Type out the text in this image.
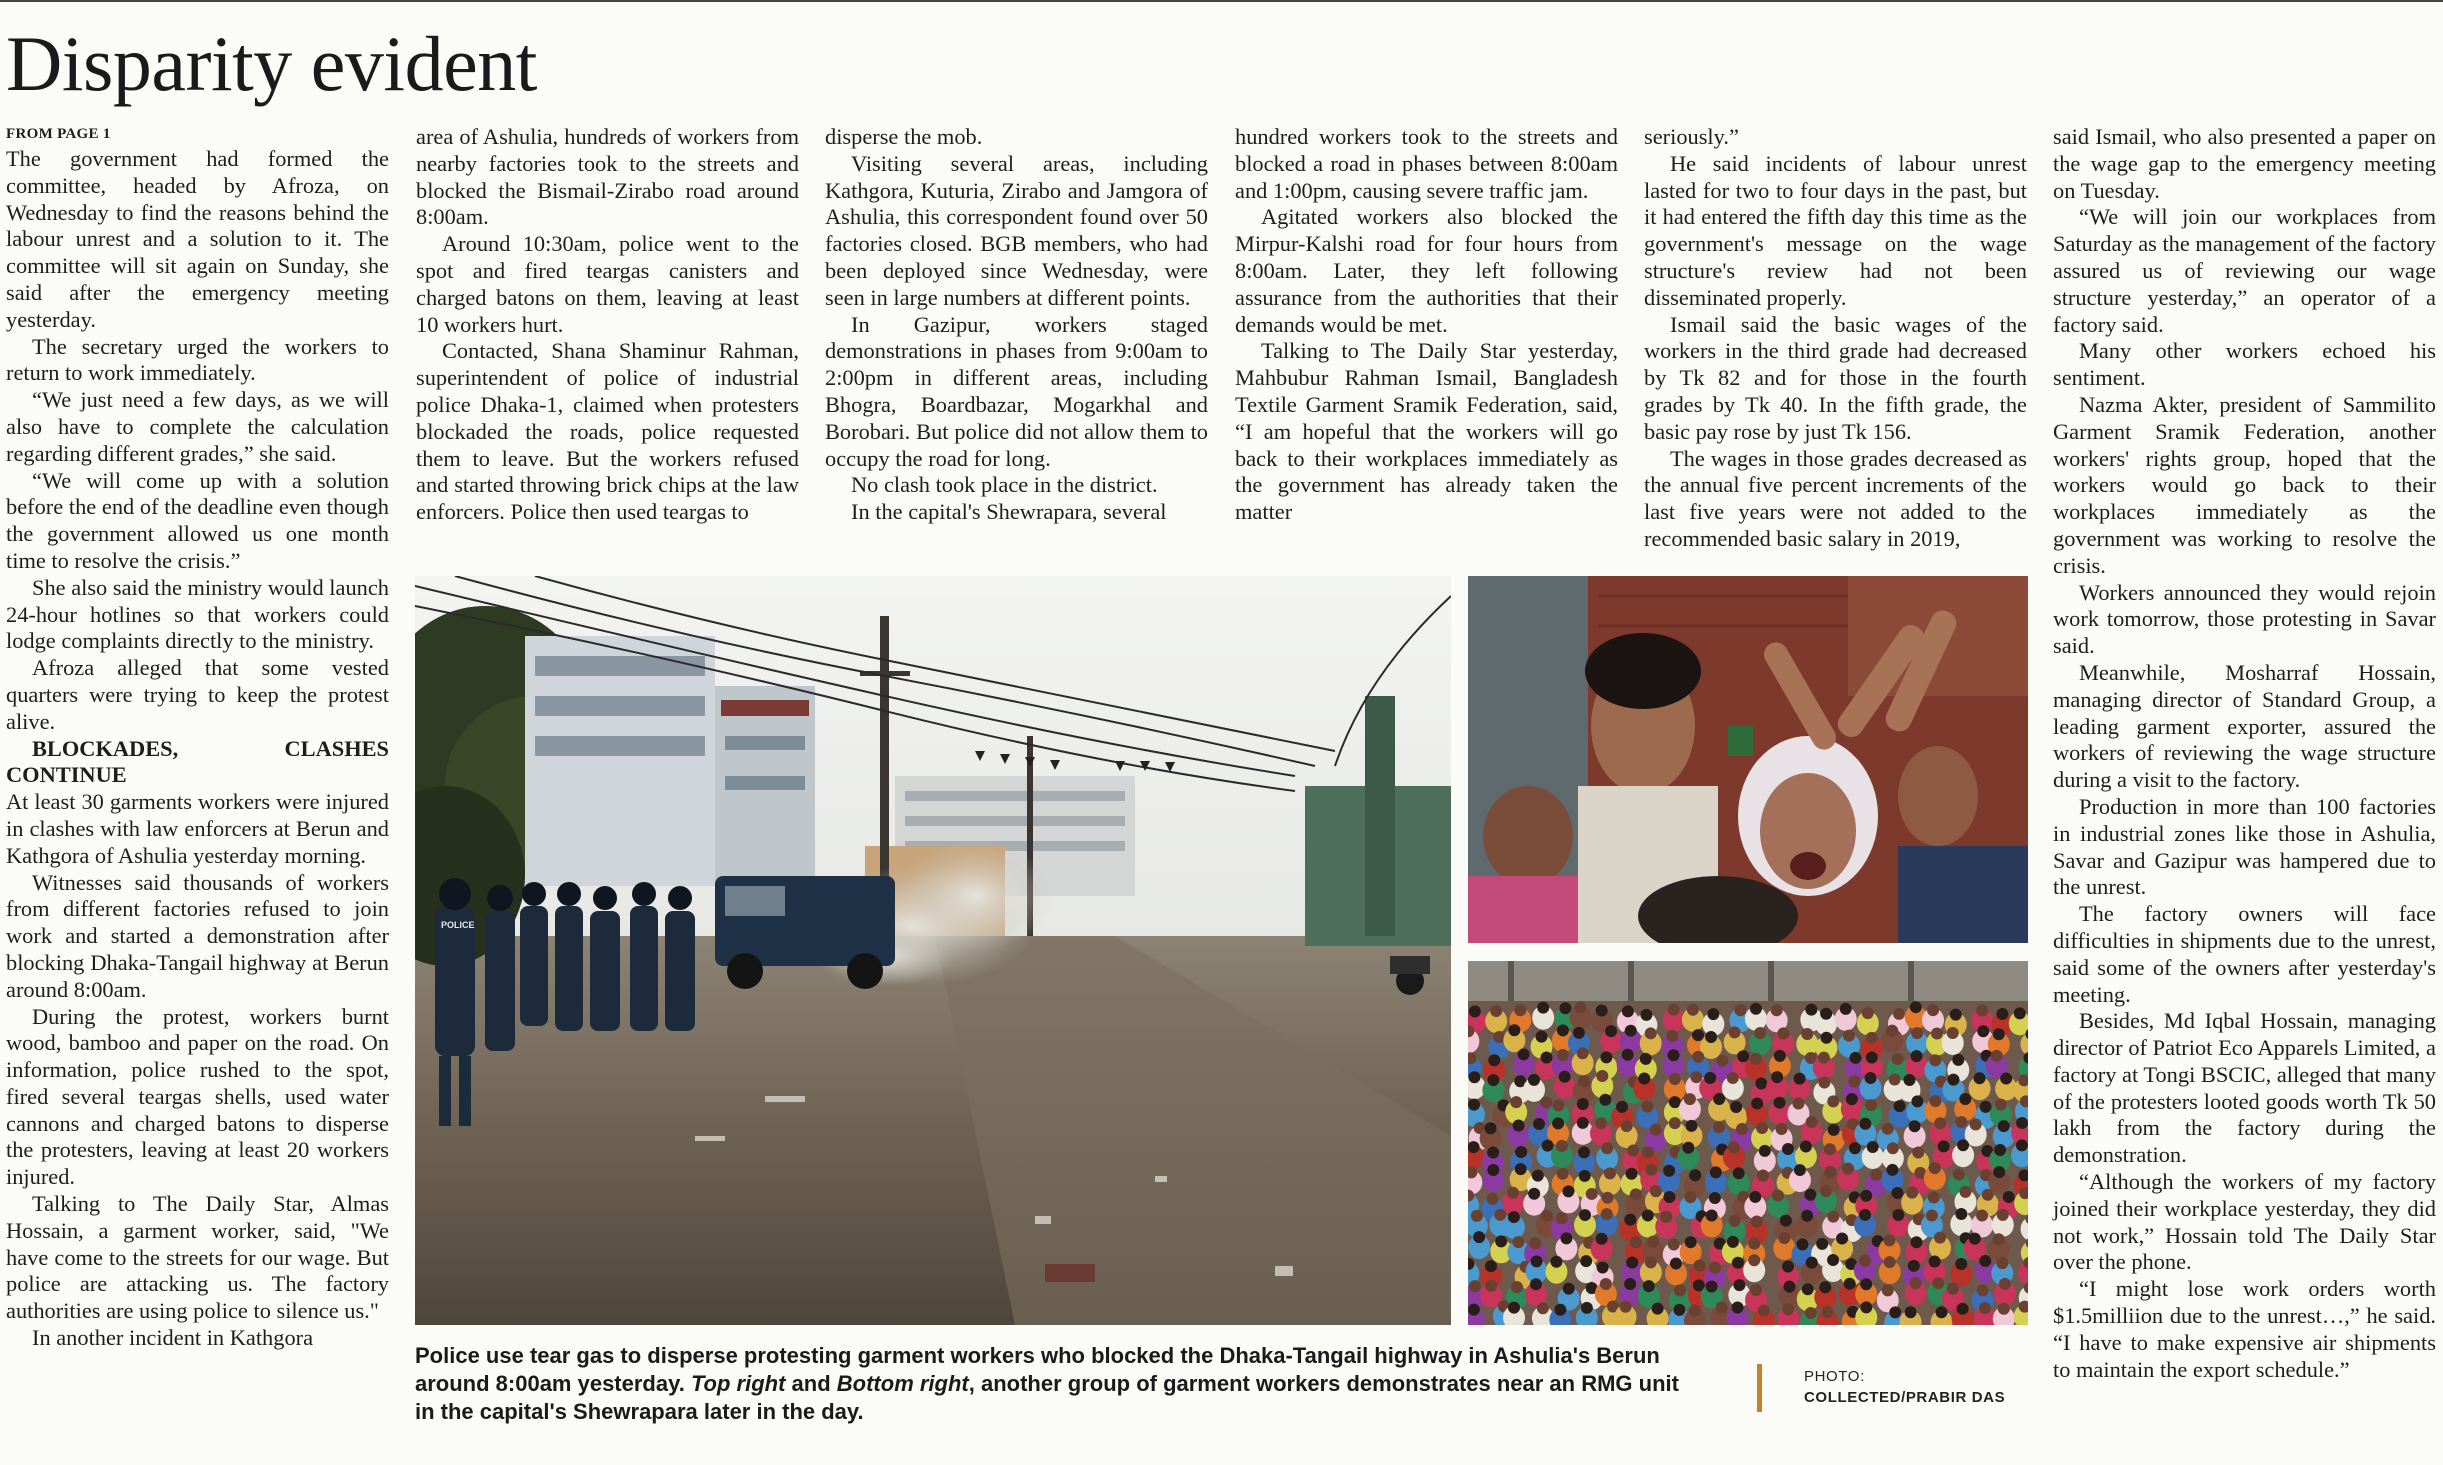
Disparity evident
FROM PAGE 1

The government had formed the committee, headed by Afroza, on Wednesday to find the reasons behind the labour unrest and a solution to it. The committee will sit again on Sunday, she said after the emergency meeting yesterday.

The secretary urged the workers to return to work immediately.

“We just need a few days, as we will also have to complete the calculation regarding different grades,” she said.

“We will come up with a solution before the end of the deadline even though the government allowed us one month time to resolve the crisis.”

She also said the ministry would launch 24-hour hotlines so that workers could lodge complaints directly to the ministry.

Afroza alleged that some vested quarters were trying to keep the protest alive.

BLOCKADES, CLASHES CONTINUE

At least 30 garments workers were injured in clashes with law enforcers at Berun and Kathgora of Ashulia yesterday morning.

Witnesses said thousands of workers from different factories refused to join work and started a demonstration after blocking Dhaka-Tangail highway at Berun around 8:00am.

During the protest, workers burnt wood, bamboo and paper on the road. On information, police rushed to the spot, fired several teargas shells, used water cannons and charged batons to disperse the protesters, leaving at least 20 workers injured.

Talking to The Daily Star, Almas Hossain, a garment worker, said, "We have come to the streets for our wage. But police are attacking us. The factory authorities are using police to silence us."

In another incident in Kathgora

area of Ashulia, hundreds of workers from nearby factories took to the streets and blocked the Bismail-Zirabo road around 8:00am.

Around 10:30am, police went to the spot and fired teargas canisters and charged batons on them, leaving at least 10 workers hurt.

Contacted, Shana Shaminur Rahman, superintendent of police of industrial police Dhaka-1, claimed when protesters blockaded the roads, police requested them to leave. But the workers refused and started throwing brick chips at the law enforcers. Police then used teargas to

disperse the mob.

Visiting several areas, including Kathgora, Kuturia, Zirabo and Jamgora of Ashulia, this correspondent found over 50 factories closed. BGB members, who had been deployed since Wednesday, were seen in large numbers at different points.

In Gazipur, workers staged demonstrations in phases from 9:00am to 2:00pm in different areas, including Bhogra, Boardbazar, Mogarkhal and Borobari. But police did not allow them to occupy the road for long.

No clash took place in the district.

In the capital's Shewrapara, several

hundred workers took to the streets and blocked a road in phases between 8:00am and 1:00pm, causing severe traffic jam.

Agitated workers also blocked the Mirpur-Kalshi road for four hours from 8:00am. Later, they left following assurance from the authorities that their demands would be met.

Talking to The Daily Star yesterday, Mahbubur Rahman Ismail, Bangladesh Textile Garment Sramik Federation, said, “I am hopeful that the workers will go back to their workplaces immediately as the government has already taken the matter

seriously.”

He said incidents of labour unrest lasted for two to four days in the past, but it had entered the fifth day this time as the government's message on the wage structure's review had not been disseminated properly.

Ismail said the basic wages of the workers in the third grade had decreased by Tk 82 and for those in the fourth grades by Tk 40. In the fifth grade, the basic pay rose by just Tk 156.

The wages in those grades decreased as the annual five percent increments of the last five years were not added to the recommended basic salary in 2019,

said Ismail, who also presented a paper on the wage gap to the emergency meeting on Tuesday.

“We will join our workplaces from Saturday as the management of the factory assured us of reviewing our wage structure yesterday,” an operator of a factory said.

Many other workers echoed his sentiment.

Nazma Akter, president of Sammilito Garment Sramik Federation, another workers' rights group, hoped that the workers would go back to their workplaces immediately as the government was working to resolve the crisis.

Workers announced they would rejoin work tomorrow, those protesting in Savar said.

Meanwhile, Mosharraf Hossain, managing director of Standard Group, a leading garment exporter, assured the workers of reviewing the wage structure during a visit to the factory.

Production in more than 100 factories in industrial zones like those in Ashulia, Savar and Gazipur was hampered due to the unrest.

The factory owners will face difficulties in shipments due to the unrest, said some of the owners after yesterday's meeting.

Besides, Md Iqbal Hossain, managing director of Patriot Eco Apparels Limited, a factory at Tongi BSCIC, alleged that many of the protesters looted goods worth Tk 50 lakh from the factory during the demonstration.

“Although the workers of my factory joined their workplace yesterday, they did not work,” Hossain told The Daily Star over the phone.

“I might lose work orders worth $1.5milliion due to the unrest…,” he said. “I have to make expensive air shipments to maintain the export schedule.”

POLICE
Police use tear gas to disperse protesting garment workers who blocked the Dhaka-Tangail highway in Ashulia's Berun around 8:00am yesterday. Top right and Bottom right, another group of garment workers demonstrates near an RMG unit in the capital's Shewrapara later in the day.
PHOTO:
COLLECTED/PRABIR DAS
